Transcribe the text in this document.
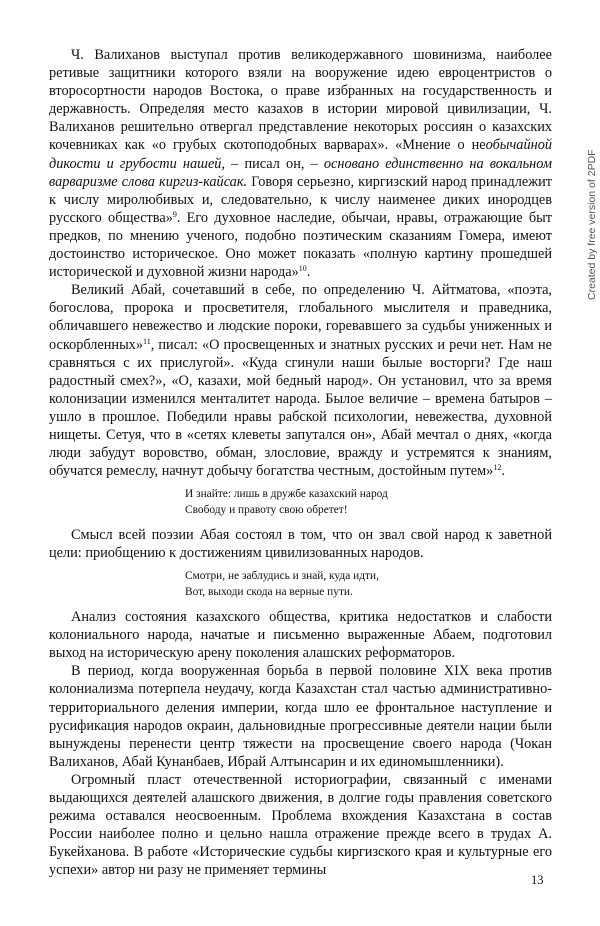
Ч. Валиханов выступал против великодержавного шовинизма, наиболее ретивые защитники которого взяли на вооружение идею евроцентристов о второсортности народов Востока, о праве избранных на государственность и державность. Определяя место казахов в истории мировой цивилизации, Ч. Валиханов решительно отвергал представление некоторых россиян о казахских кочевниках как «о грубых скотоподобных варварах». «Мнение о необычайной дикости и грубости нашей, – писал он, – основано единственно на вокальном варваризме слова киргиз-кайсак. Говоря серьезно, киргизский народ принадлежит к числу миролюбивых и, следовательно, к числу наименее диких инородцев русского общества»$^9$. Его духовное наследие, обычаи, нравы, отражающие быт предков, по мнению ученого, подобно поэтическим сказаниям Гомера, имеют достоинство историческое. Оно может показать «полную картину прошедшей исторической и духовной жизни народа»$^{10}$.

Великий Абай, сочетавший в себе, по определению Ч. Айтматова, «поэта, богослова, пророка и просветителя, глобального мыслителя и праведника, обличавшего невежество и людские пороки, горевавшего за судьбы униженных и оскорбленных»$^{11}$, писал: «О просвещенных и знатных русских и речи нет. Нам не сравняться с их прислугой». «Куда сгинули наши былые восторги? Где наш радостный смех?», «О, казахи, мой бедный народ». Он установил, что за время колонизации изменился менталитет народа. Былое величие – времена батыров – ушло в прошлое. Победили нравы рабской психологии, невежества, духовной нищеты. Сетуя, что в «сетях клеветы запутался он», Абай мечтал о днях, «когда люди забудут воровство, обман, злословие, вражду и устремятся к знаниям, обучатся ремеслу, начнут добычу богатства честным, достойным путем»$^{12}$.

И знайте: лишь в дружбе казахский народ
Свободу и правоту свою обретет!

Смысл всей поэзии Абая состоял в том, что он звал свой народ к заветной цели: приобщению к достижениям цивилизованных народов.

Смотри, не заблудись и знай, куда идти,
Вот, выходи скода на верные пути.

Анализ состояния казахского общества, критика недостатков и слабости колониального народа, начатые и письменно выраженные Абаем, подготовил выход на историческую арену поколения алашских реформаторов.

В период, когда вооруженная борьба в первой половине XIX века против колониализма потерпела неудачу, когда Казахстан стал частью административно-территориального деления империи, когда шло ее фронтальное наступление и русификация народов окраин, дальновидные прогрессивные деятели нации были вынуждены перенести центр тяжести на просвещение своего народа (Чокан Валиханов, Абай Кунанбаев, Ибрай Алтынсарин и их единомышленники).

Огромный пласт отечественной историографии, связанный с именами выдающихся деятелей алашского движения, в долгие годы правления советского режима оставался неосвоенным. Проблема вхождения Казахстана в состав России наиболее полно и цельно нашла отражение прежде всего в трудах А. Букейханова. В работе «Исторические судьбы киргизского края и культурные его успехи» автор ни разу не применяет термины

13
Created by free version of 2PDF
